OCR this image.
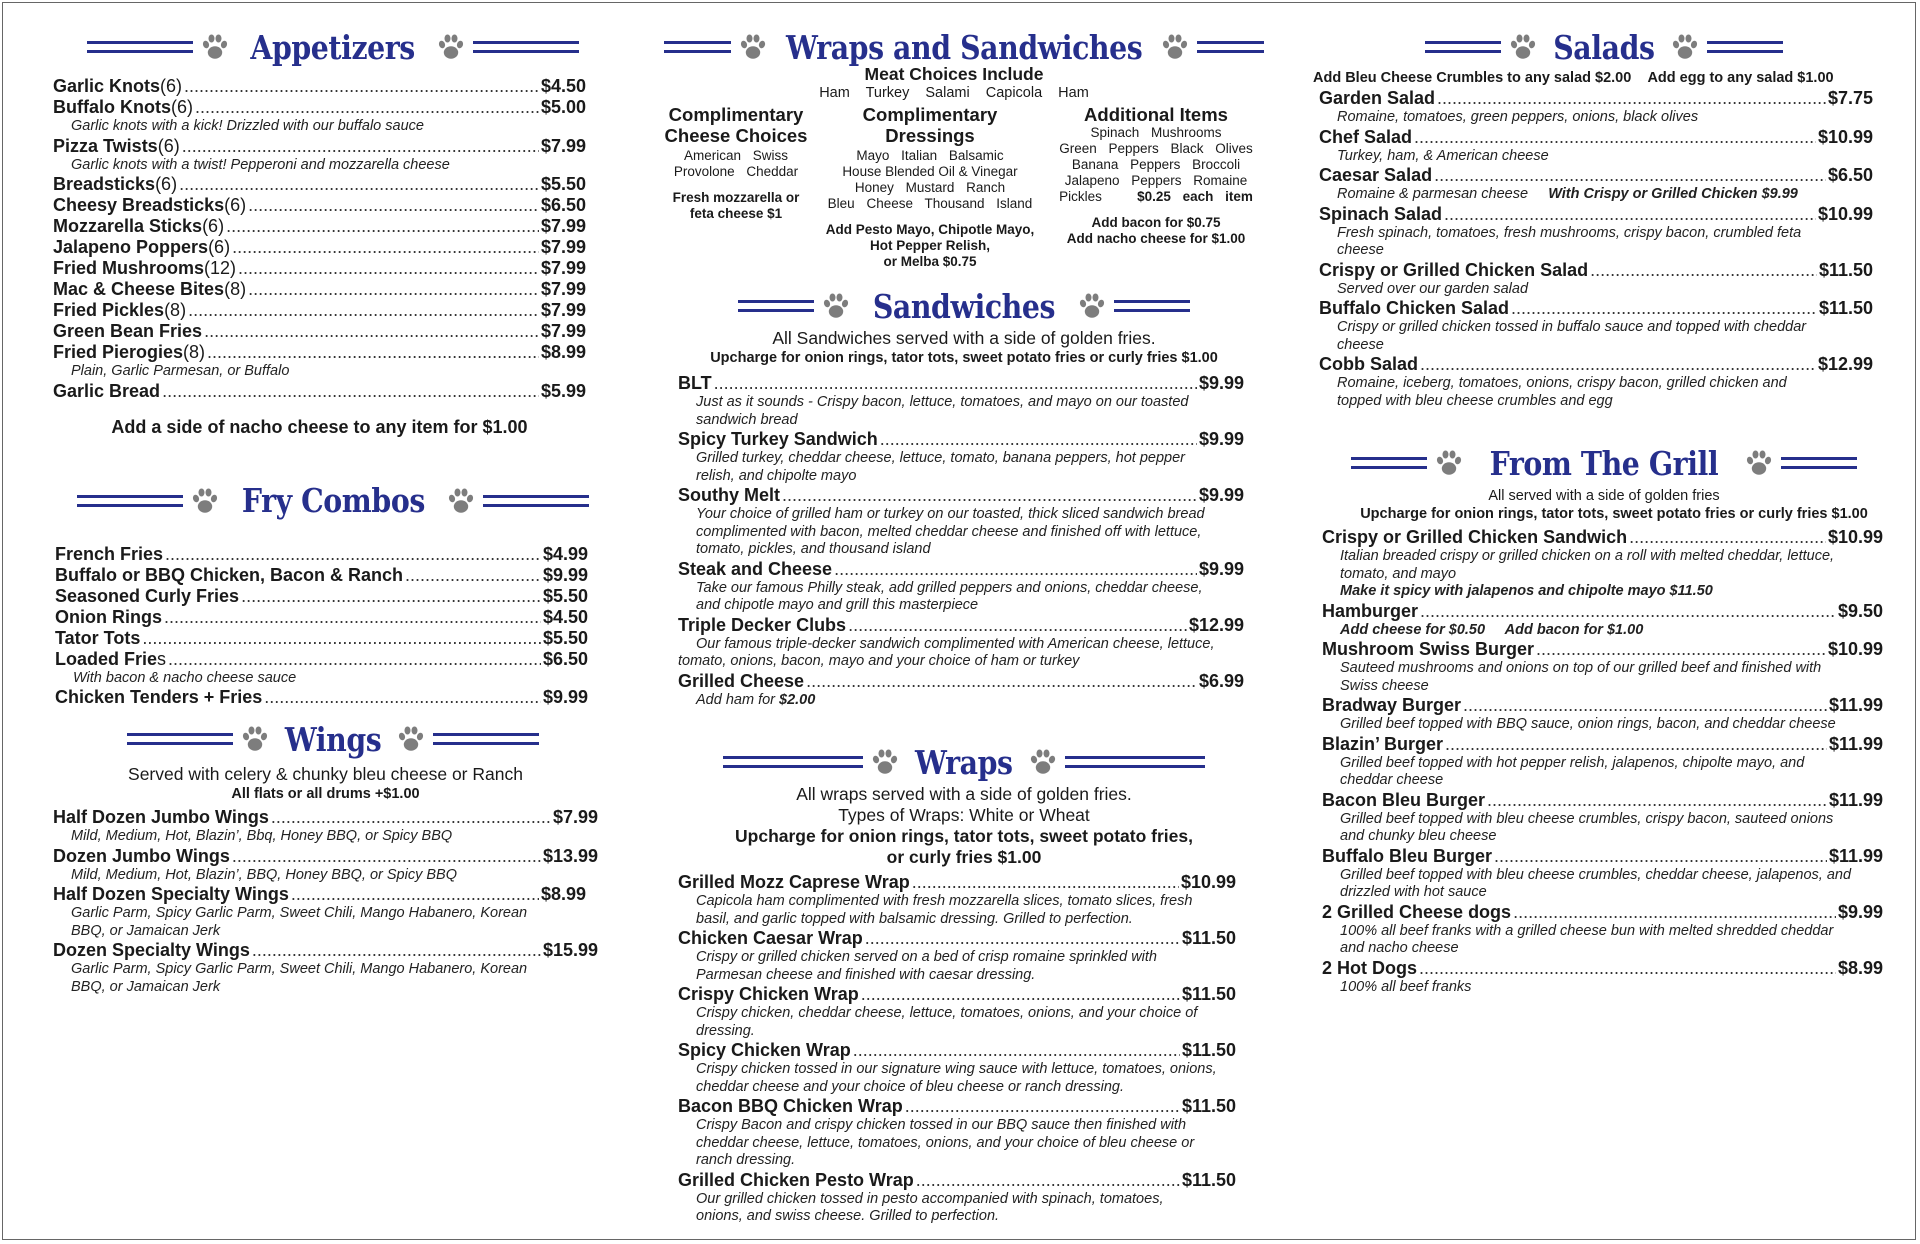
Appetizers
Garlic Knots (6) .....	$4.50
Buffalo Knots (6) .....	$5.00
Garlic knots with a kick! Drizzled with our buffalo sauce
Pizza Twists (6) .....	$7.99
Garlic knots with a twist! Pepperoni and mozzarella cheese
Breadsticks (6) .....	$5.50
Cheesy Breadsticks (6) .....	$6.50
Mozzarella Sticks (6) .....	$7.99
Jalapeno Poppers (6) .....	$7.99
Fried Mushrooms (12) .....	$7.99
Mac & Cheese Bites (8) .....	$7.99
Fried Pickles (8) .....	$7.99
Green Bean Fries .....	$7.99
Fried Pierogies (8) .....	$8.99
Plain, Garlic Parmesan, or Buffalo
Garlic Bread .....	$5.99
Add a side of nacho cheese to any item for $1.00
Fry Combos
French Fries .....	$4.99
Buffalo or BBQ Chicken, Bacon & Ranch .....	$9.99
Seasoned Curly Fries .....	$5.50
Onion Rings .....	$4.50
Tator Tots .....	$5.50
Loaded Frie s .....	$6.50
With bacon & nacho cheese sauce
Chicken Tenders + Fries .....	$9.99
Wings
Served with celery & chunky bleu cheese or Ranch
All flats or all drums +$1.00
Half Dozen Jumbo Wings .....	$7.99
Mild, Medium, Hot, Blazin’, Bbq, Honey BBQ, or Spicy BBQ
Dozen Jumbo Wings .....	$13.99
Mild, Medium, Hot, Blazin’, BBQ, Honey BBQ, or Spicy BBQ
Half Dozen Specialty Wings .....	$8.99
Garlic Parm, Spicy Garlic Parm, Sweet Chili, Mango Habanero, Korean BBQ, or Jamaican Jerk
Dozen Specialty Wings .....	$15.99
Garlic Parm, Spicy Garlic Parm, Sweet Chili, Mango Habanero, Korean BBQ, or Jamaican Jerk
Wraps and Sandwiches
Meat Choices Include
Ham Turkey Salami Capicola Ham
Complimentary
Cheese Choices
American Swiss
Provolone Cheddar
Fresh mozzarella or
feta cheese $1
Complimentary
Dressings
Mayo Italian Balsamic
House Blended Oil & Vinegar
Honey Mustard Ranch
Bleu Cheese Thousand Island
Add Pesto Mayo, Chipotle Mayo,
Hot Pepper Relish,
or Melba $0.75
Additional Items
Spinach Mushrooms
Green Peppers Black Olives
Banana Peppers Broccoli
Jalapeno Peppers Romaine
Pickles	$0.25 each item
Add bacon for $0.75
Add nacho cheese for $1.00
Sandwiches
All Sandwiches served with a side of golden fries.
Upcharge for onion rings, tator tots, sweet potato fries or curly fries $1.00
BLT .....	$9.99
Just as it sounds - Crispy bacon, lettuce, tomatoes, and mayo on our toasted sandwich bread
Spicy Turkey Sandwich .....	$9.99
Grilled turkey, cheddar cheese, lettuce, tomato, banana peppers, hot pepper relish, and chipolte mayo
Southy Melt .....	$9.99
Your choice of grilled ham or turkey on our toasted, thick sliced sandwich bread complimented with bacon, melted cheddar cheese and finished off with lettuce, tomato, pickles, and thousand island
Steak and Cheese .....	$9.99
Take our famous Philly steak, add grilled peppers and onions, cheddar cheese, and chipotle mayo and grill this masterpiece
Triple Decker Clubs .....	$12.99
Our famous triple-decker sandwich complimented with American cheese, lettuce, tomato, onions, bacon, mayo and your choice of ham or turkey
Grilled Cheese .....	$6.99
Add ham for $2.00
Wraps
All wraps served with a side of golden fries.
Types of Wraps: White or Wheat
Upcharge for onion rings, tator tots, sweet potato fries,
or curly fries $1.00
Grilled Mozz Caprese Wrap .....	$10.99
Capicola ham complimented with fresh mozzarella slices, tomato slices, fresh basil, and garlic topped with balsamic dressing. Grilled to perfection.
Chicken Caesar Wrap .....	$11.50
Crispy or grilled chicken served on a bed of crisp romaine sprinkled with Parmesan cheese and finished with caesar dressing.
Crispy Chicken Wrap .....	$11.50
Crispy chicken, cheddar cheese, lettuce, tomatoes, onions, and your choice of dressing.
Spicy Chicken Wrap .....	$11.50
Crispy chicken tossed in our signature wing sauce with lettuce, tomatoes, onions, cheddar cheese and your choice of bleu cheese or ranch dressing.
Bacon BBQ Chicken Wrap .....	$11.50
Crispy Bacon and crispy chicken tossed in our BBQ sauce then finished with cheddar cheese, lettuce, tomatoes, onions, and your choice of bleu cheese or ranch dressing.
Grilled Chicken Pesto Wrap .....	$11.50
Our grilled chicken tossed in pesto accompanied with spinach, tomatoes, onions, and swiss cheese. Grilled to perfection.
Salads
Add Bleu Cheese Crumbles to any salad $2.00 Add egg to any salad $1.00
Garden Salad .....	$7.75
Romaine, tomatoes, green peppers, onions, black olives
Chef Salad .....	$10.99
Turkey, ham, & American cheese
Caesar Salad .....	$6.50
Romaine & parmesan cheese With Crispy or Grilled Chicken $9.99
Spinach Salad .....	$10.99
Fresh spinach, tomatoes, fresh mushrooms, crispy bacon, crumbled feta cheese
Crispy or Grilled Chicken Salad .....	$11.50
Served over our garden salad
Buffalo Chicken Salad .....	$11.50
Crispy or grilled chicken tossed in buffalo sauce and topped with cheddar cheese
Cobb Salad .....	$12.99
Romaine, iceberg, tomatoes, onions, crispy bacon, grilled chicken and topped with bleu cheese crumbles and egg
From The Grill
All served with a side of golden fries
Upcharge for onion rings, tator tots, sweet potato fries or curly fries $1.00
Crispy or Grilled Chicken Sandwich .....	$10.99
Italian breaded crispy or grilled chicken on a roll with melted cheddar, lettuce, tomato, and mayo
Make it spicy with jalapenos and chipolte mayo $11.50
Hamburger .....	$9.50
Add cheese for $0.50     Add bacon for $1.00
Mushroom Swiss Burger .....	$10.99
Sauteed mushrooms and onions on top of our grilled beef and finished with Swiss cheese
Bradway Burger .....	$11.99
Grilled beef topped with BBQ sauce, onion rings, bacon, and cheddar cheese
Blazin’ Burger .....	$11.99
Grilled beef topped with hot pepper relish, jalapenos, chipolte mayo, and cheddar cheese
Bacon Bleu Burger .....	$11.99
Grilled beef topped with bleu cheese crumbles, crispy bacon, sauteed onions and chunky bleu cheese
Buffalo Bleu Burger .....	$11.99
Grilled beef topped with bleu cheese crumbles, cheddar cheese, jalapenos, and drizzled with hot sauce
2 Grilled Cheese dogs .....	$9.99
100% all beef franks with a grilled cheese bun with melted shredded cheddar and nacho cheese
2 Hot Dogs .....	$8.99
100% all beef franks
